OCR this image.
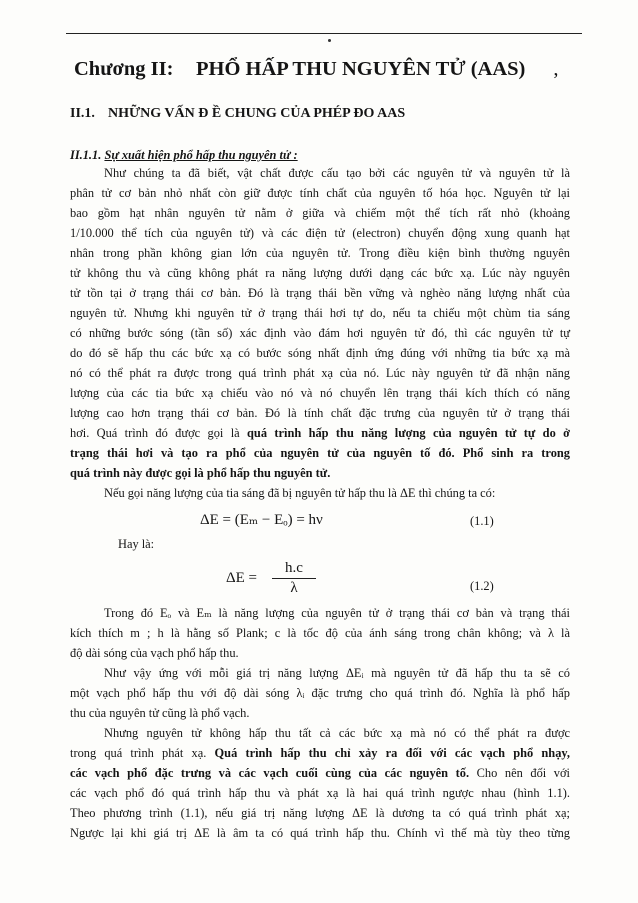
Chương II: PHỔ HẤP THU NGUYÊN TỬ (AAS) ,
II.1. NHỮNG VẤN Đ Ề CHUNG CỦA PHÉP ĐO AAS
II.1.1. Sự xuất hiện phổ hấp thu nguyên tử :
Như chúng ta đã biết, vật chất được cấu tạo bởi các nguyên tử và nguyên tử là
phân tử cơ bản nhỏ nhất còn giữ được tính chất của nguyên tố hóa học. Nguyên tử lại
bao gồm hạt nhân nguyên tử nằm ở giữa và chiếm một thể tích rất nhỏ (khoảng
1/10.000 thể tích của nguyên tử) và các điện tử (electron) chuyển động xung quanh hạt
nhân trong phần không gian lớn của nguyên tử. Trong điều kiện bình thường nguyên
tử không thu và cũng không phát ra năng lượng dưới dạng các bức xạ. Lúc này nguyên
tử tồn tại ở trạng thái cơ bản. Đó là trạng thái bền vững và nghèo năng lượng nhất của
nguyên tử. Nhưng khi nguyên tử ở trạng thái hơi tự do, nếu ta chiếu một chùm tia sáng
có những bước sóng (tần số) xác định vào đám hơi nguyên tử đó, thì các nguyên tử tự
do đó sẽ hấp thu các bức xạ có bước sóng nhất định ứng đúng với những tia bức xạ mà
nó có thể phát ra được trong quá trình phát xạ của nó. Lúc này nguyên tử đã nhận năng
lượng của các tia bức xạ chiếu vào nó và nó chuyển lên trạng thái kích thích có năng
lượng cao hơn trạng thái cơ bản. Đó là tính chất đặc trưng của nguyên tử ở trạng thái
hơi. Quá trình đó được gọi là quá trình hấp thu năng lượng của nguyên tử tự do ở
trạng thái hơi và tạo ra phổ của nguyên tử của nguyên tố đó. Phổ sinh ra trong
quá trình này được gọi là phổ hấp thu nguyên tử.
Nếu gọi năng lượng của tia sáng đã bị nguyên tử hấp thu là ΔE thì chúng ta có:
ΔE = (Eₘ − Eₒ) = hν	(1.1)
Hay là:
$\Delta E = \frac{h.c}{\lambda}$	(1.2)
Trong đó Eₒ và Eₘ là năng lượng của nguyên tử ở trạng thái cơ bản và trạng thái
kích thích m ; h là hằng số Plank; c là tốc độ của ánh sáng trong chân không; và λ là
độ dài sóng của vạch phổ hấp thu.
Như vậy ứng với mỗi giá trị năng lượng ΔEᵢ mà nguyên tử đã hấp thu ta sẽ có
một vạch phổ hấp thu với độ dài sóng λᵢ đặc trưng cho quá trình đó. Nghĩa là phổ hấp
thu của nguyên tử cũng là phổ vạch.
Nhưng nguyên tử không hấp thu tất cả các bức xạ mà nó có thể phát ra được
trong quá trình phát xạ. Quá trình hấp thu chỉ xảy ra đối với các vạch phổ nhạy,
các vạch phổ đặc trưng và các vạch cuối cùng của các nguyên tố. Cho nên đối với
các vạch phổ đó quá trình hấp thu và phát xạ là hai quá trình ngược nhau (hình 1.1).
Theo phương trình (1.1), nếu giá trị năng lượng ΔE là dương ta có quá trình phát xạ;
Ngược lại khi giá trị ΔE là âm ta có quá trình hấp thu. Chính vì thế mà tùy theo từng
